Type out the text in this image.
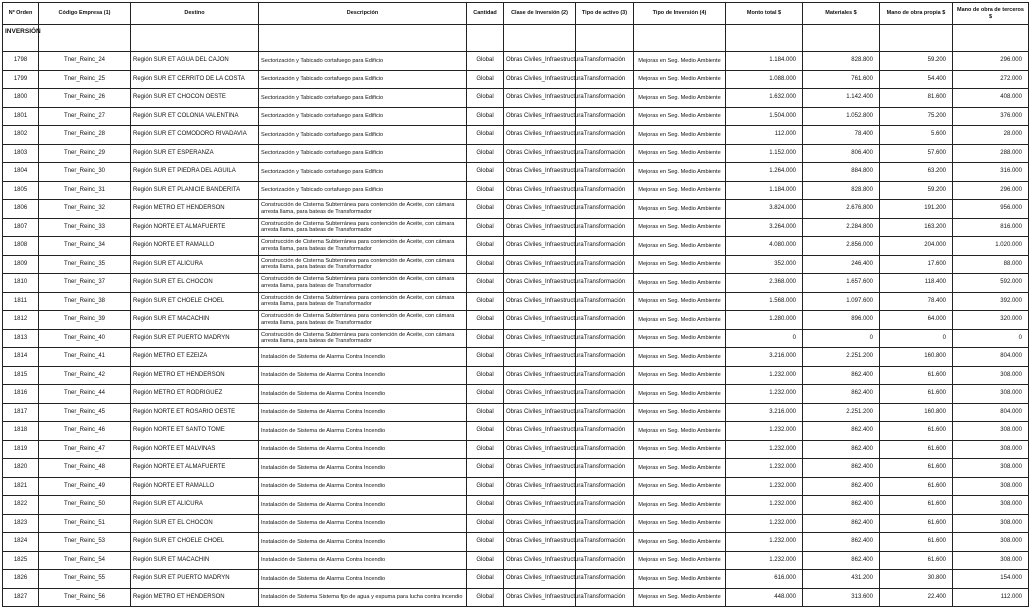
INVERSIÓN											
Nº Orden	Código Empresa (1)	Destino	Descripción	Cantidad	Clase de Inversión (2)	Tipo de activo (3)	Tipo de Inversión (4)	Monto total $	Materiales $	Mano de obra propia $	Mano de obra de terceros $
1798	Tner_Reinc_24	Región SUR ET AGUA DEL CAJON	Sectorización y Tabicado cortafuego para Edificio	Global	Obras Civiles_Infraestructura	Transformación	Mejoras en Seg. Medio Ambiente	1.184.000	828.800	59.200	296.000
1799	Tner_Reinc_25	Región SUR ET CERRITO DE LA COSTA	Sectorización y Tabicado cortafuego para Edificio	Global	Obras Civiles_Infraestructura	Transformación	Mejoras en Seg. Medio Ambiente	1.088.000	761.600	54.400	272.000
1800	Tner_Reinc_26	Región SUR ET CHOCON OESTE	Sectorización y Tabicado cortafuego para Edificio	Global	Obras Civiles_Infraestructura	Transformación	Mejoras en Seg. Medio Ambiente	1.632.000	1.142.400	81.600	408.000
1801	Tner_Reinc_27	Región SUR ET COLONIA VALENTINA	Sectorización y Tabicado cortafuego para Edificio	Global	Obras Civiles_Infraestructura	Transformación	Mejoras en Seg. Medio Ambiente	1.504.000	1.052.800	75.200	376.000
1802	Tner_Reinc_28	Región SUR ET COMODORO RIVADAVIA	Sectorización y Tabicado cortafuego para Edificio	Global	Obras Civiles_Infraestructura	Transformación	Mejoras en Seg. Medio Ambiente	112.000	78.400	5.600	28.000
1803	Tner_Reinc_29	Región SUR ET ESPERANZA	Sectorización y Tabicado cortafuego para Edificio	Global	Obras Civiles_Infraestructura	Transformación	Mejoras en Seg. Medio Ambiente	1.152.000	806.400	57.600	288.000
1804	Tner_Reinc_30	Región SUR ET PIEDRA DEL AGUILA	Sectorización y Tabicado cortafuego para Edificio	Global	Obras Civiles_Infraestructura	Transformación	Mejoras en Seg. Medio Ambiente	1.264.000	884.800	63.200	316.000
1805	Tner_Reinc_31	Región SUR ET PLANICIE BANDERITA	Sectorización y Tabicado cortafuego para Edificio	Global	Obras Civiles_Infraestructura	Transformación	Mejoras en Seg. Medio Ambiente	1.184.000	828.800	59.200	296.000
1806	Tner_Reinc_32	Región METRO ET HENDERSON	Construcción de Cisterna Subterránea para contención de Aceite, con cámara arresta llama, para bateas de Transformador	Global	Obras Civiles_Infraestructura	Transformación	Mejoras en Seg. Medio Ambiente	3.824.000	2.676.800	191.200	956.000
1807	Tner_Reinc_33	Región NORTE ET ALMAFUERTE	Construcción de Cisterna Subterránea para contención de Aceite, con cámara arresta llama, para bateas de Transformador	Global	Obras Civiles_Infraestructura	Transformación	Mejoras en Seg. Medio Ambiente	3.264.000	2.284.800	163.200	816.000
1808	Tner_Reinc_34	Región NORTE ET RAMALLO	Construcción de Cisterna Subterránea para contención de Aceite, con cámara arresta llama, para bateas de Transformador	Global	Obras Civiles_Infraestructura	Transformación	Mejoras en Seg. Medio Ambiente	4.080.000	2.856.000	204.000	1.020.000
1809	Tner_Reinc_35	Región SUR ET ALICURA	Construcción de Cisterna Subterránea para contención de Aceite, con cámara arresta llama, para bateas de Transformador	Global	Obras Civiles_Infraestructura	Transformación	Mejoras en Seg. Medio Ambiente	352.000	246.400	17.600	88.000
1810	Tner_Reinc_37	Región SUR ET EL CHOCON	Construcción de Cisterna Subterránea para contención de Aceite, con cámara arresta llama, para bateas de Transformador	Global	Obras Civiles_Infraestructura	Transformación	Mejoras en Seg. Medio Ambiente	2.368.000	1.657.600	118.400	592.000
1811	Tner_Reinc_38	Región SUR ET CHOELE CHOEL	Construcción de Cisterna Subterránea para contención de Aceite, con cámara arresta llama, para bateas de Transformador	Global	Obras Civiles_Infraestructura	Transformación	Mejoras en Seg. Medio Ambiente	1.568.000	1.097.600	78.400	392.000
1812	Tner_Reinc_39	Región SUR ET MACACHIN	Construcción de Cisterna Subterránea para contención de Aceite, con cámara arresta llama, para bateas de Transformador	Global	Obras Civiles_Infraestructura	Transformación	Mejoras en Seg. Medio Ambiente	1.280.000	896.000	64.000	320.000
1813	Tner_Reinc_40	Región SUR ET PUERTO MADRYN	Construcción de Cisterna Subterránea para contención de Aceite, con cámara arresta llama, para bateas de Transformador	Global	Obras Civiles_Infraestructura	Transformación	Mejoras en Seg. Medio Ambiente	0	0	0	0
1814	Tner_Reinc_41	Región METRO ET EZEIZA	Instalación de Sistema de Alarma Contra Incendio	Global	Obras Civiles_Infraestructura	Transformación	Mejoras en Seg. Medio Ambiente	3.216.000	2.251.200	160.800	804.000
1815	Tner_Reinc_42	Región METRO ET HENDERSON	Instalación de Sistema de Alarma Contra Incendio	Global	Obras Civiles_Infraestructura	Transformación	Mejoras en Seg. Medio Ambiente	1.232.000	862.400	61.600	308.000
1816	Tner_Reinc_44	Región METRO ET RODRIGUEZ	Instalación de Sistema de Alarma Contra Incendio	Global	Obras Civiles_Infraestructura	Transformación	Mejoras en Seg. Medio Ambiente	1.232.000	862.400	61.600	308.000
1817	Tner_Reinc_45	Región NORTE ET ROSARIO OESTE	Instalación de Sistema de Alarma Contra Incendio	Global	Obras Civiles_Infraestructura	Transformación	Mejoras en Seg. Medio Ambiente	3.216.000	2.251.200	160.800	804.000
1818	Tner_Reinc_46	Región NORTE ET SANTO TOME	Instalación de Sistema de Alarma Contra Incendio	Global	Obras Civiles_Infraestructura	Transformación	Mejoras en Seg. Medio Ambiente	1.232.000	862.400	61.600	308.000
1819	Tner_Reinc_47	Región NORTE ET MALVINAS	Instalación de Sistema de Alarma Contra Incendio	Global	Obras Civiles_Infraestructura	Transformación	Mejoras en Seg. Medio Ambiente	1.232.000	862.400	61.600	308.000
1820	Tner_Reinc_48	Región NORTE ET ALMAFUERTE	Instalación de Sistema de Alarma Contra Incendio	Global	Obras Civiles_Infraestructura	Transformación	Mejoras en Seg. Medio Ambiente	1.232.000	862.400	61.600	308.000
1821	Tner_Reinc_49	Región NORTE ET RAMALLO	Instalación de Sistema de Alarma Contra Incendio	Global	Obras Civiles_Infraestructura	Transformación	Mejoras en Seg. Medio Ambiente	1.232.000	862.400	61.600	308.000
1822	Tner_Reinc_50	Región SUR ET ALICURA	Instalación de Sistema de Alarma Contra Incendio	Global	Obras Civiles_Infraestructura	Transformación	Mejoras en Seg. Medio Ambiente	1.232.000	862.400	61.600	308.000
1823	Tner_Reinc_51	Región SUR ET EL CHOCON	Instalación de Sistema de Alarma Contra Incendio	Global	Obras Civiles_Infraestructura	Transformación	Mejoras en Seg. Medio Ambiente	1.232.000	862.400	61.600	308.000
1824	Tner_Reinc_53	Región SUR ET CHOELE CHOEL	Instalación de Sistema de Alarma Contra Incendio	Global	Obras Civiles_Infraestructura	Transformación	Mejoras en Seg. Medio Ambiente	1.232.000	862.400	61.600	308.000
1825	Tner_Reinc_54	Región SUR ET MACACHIN	Instalación de Sistema de Alarma Contra Incendio	Global	Obras Civiles_Infraestructura	Transformación	Mejoras en Seg. Medio Ambiente	1.232.000	862.400	61.600	308.000
1826	Tner_Reinc_55	Región SUR ET PUERTO MADRYN	Instalación de Sistema de Alarma Contra Incendio	Global	Obras Civiles_Infraestructura	Transformación	Mejoras en Seg. Medio Ambiente	616.000	431.200	30.800	154.000
1827	Tner_Reinc_56	Región METRO ET HENDERSON	Instalación de Sistema Sistema fijo de agua y espuma para lucha contra incendio	Global	Obras Civiles_Infraestructura	Transformación	Mejoras en Seg. Medio Ambiente	448.000	313.600	22.400	112.000
